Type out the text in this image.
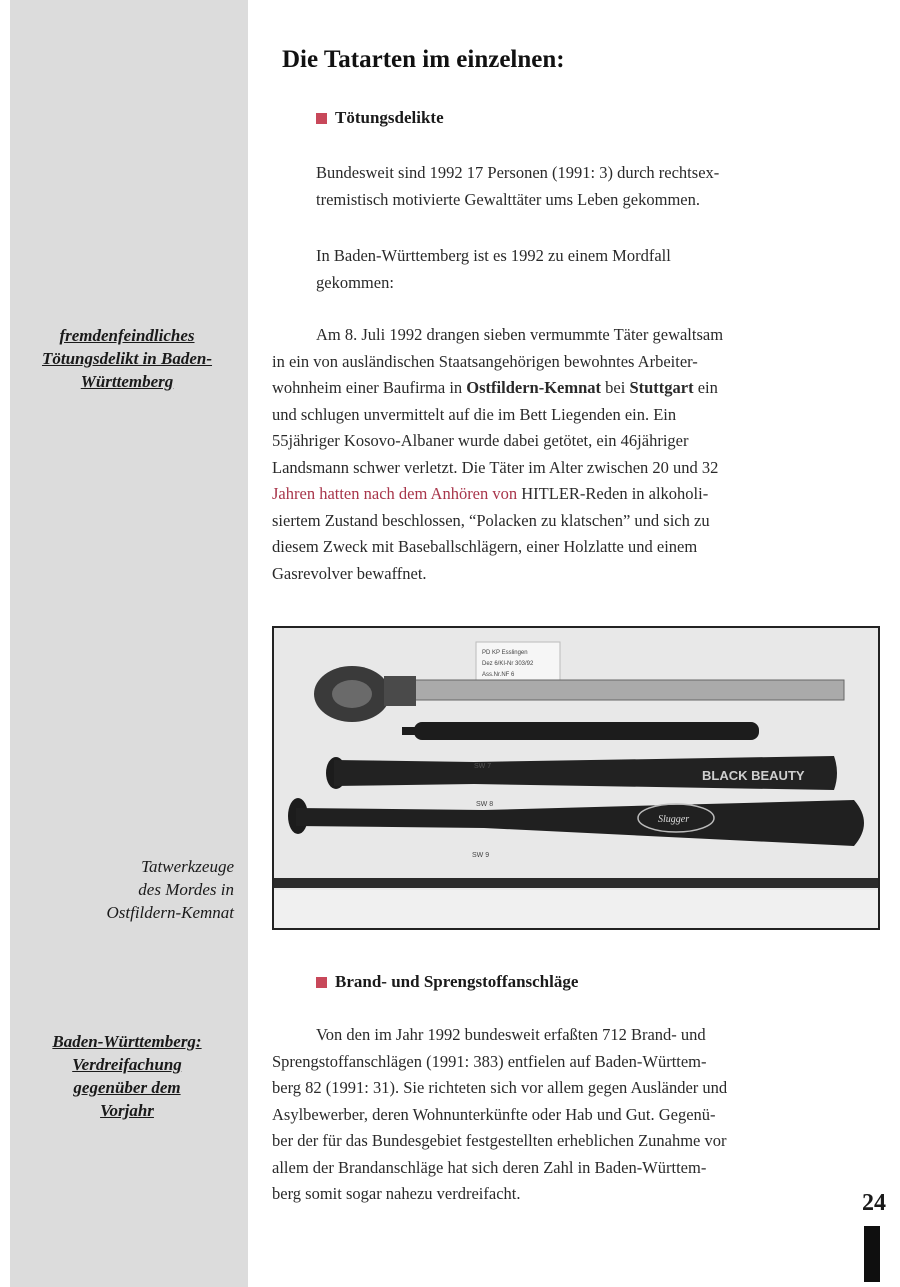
fremdenfeindliches
Tötungsdelikt in Baden-
Württemberg
Tatwerkzeuge
des Mordes in
Ostfildern-Kemnat
Baden-Württemberg:
Verdreifachung
gegenüber dem
Vorjahr
Die Tatarten im einzelnen:
Tötungsdelikte
Bundesweit sind 1992 17 Personen (1991: 3) durch rechtsex-
tremistisch motivierte Gewalttäter ums Leben gekommen.
In Baden-Württemberg ist es 1992 zu einem Mordfall
gekommen:
Am 8. Juli 1992 drangen sieben vermummte Täter gewaltsam
in ein von ausländischen Staatsangehörigen bewohntes Arbeiter-
wohnheim einer Baufirma in Ostfildern-Kemnat bei Stuttgart ein
und schlugen unvermittelt auf die im Bett Liegenden ein. Ein
55jähriger Kosovo-Albaner wurde dabei getötet, ein 46jähriger
Landsmann schwer verletzt. Die Täter im Alter zwischen 20 und 32
Jahren hatten nach dem Anhören von HITLER-Reden in alkoholi-
siertem Zustand beschlossen, “Polacken zu klatschen” und sich zu
diesem Zweck mit Baseballschlägern, einer Holzlatte und einem
Gasrevolver bewaffnet.
PD KP Esslingen
Dez 6/KI-Nr 303/92
Ass.Nr.NF 6
BLACK BEAUTY
SW 7
SW 8
Slugger
SW 9
Brand- und Sprengstoffanschläge
Von den im Jahr 1992 bundesweit erfaßten 712 Brand- und
Sprengstoffanschlägen (1991: 383) entfielen auf Baden-Württem-
berg 82 (1991: 31). Sie richteten sich vor allem gegen Ausländer und
Asylbewerber, deren Wohnunterkünfte oder Hab und Gut. Gegenü-
ber der für das Bundesgebiet festgestellten erheblichen Zunahme vor
allem der Brandanschläge hat sich deren Zahl in Baden-Württem-
berg somit sogar nahezu verdreifacht.	24
